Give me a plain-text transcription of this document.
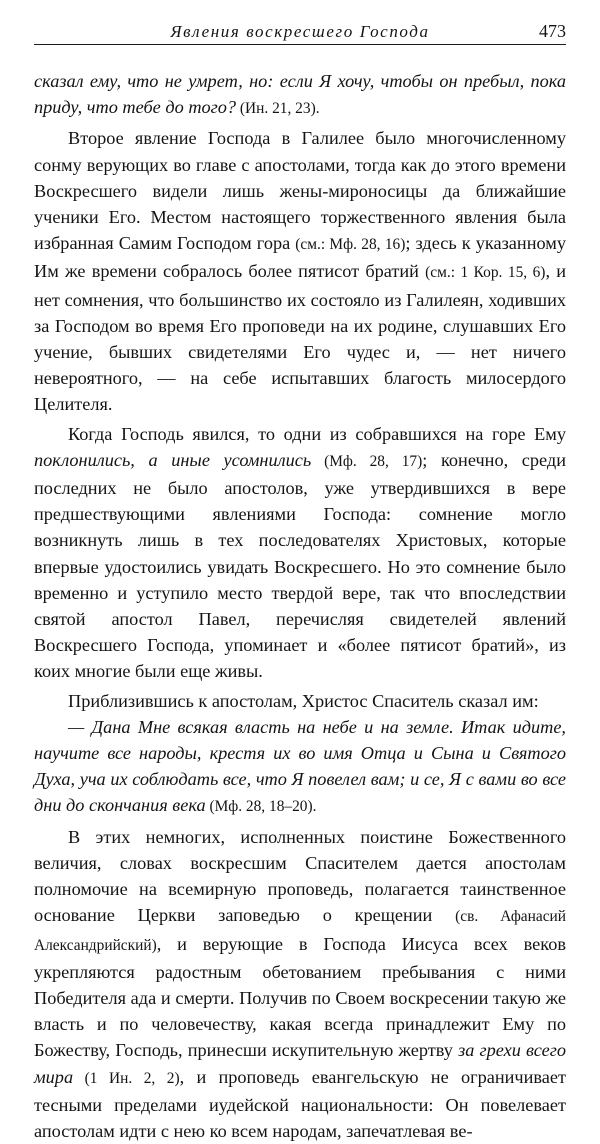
Явления воскресшего Господа	473

сказал ему, что не умрет, но: если Я хочу, чтобы он пребыл, пока приду, что тебе до того? (Ин. 21, 23).

Второе явление Господа в Галилее было многочисленному сонму верующих во главе с апостолами, тогда как до этого времени Воскресшего видели лишь жены-мироносицы да ближайшие ученики Его. Местом настоящего торжественного явления была избранная Самим Господом гора (см.: Мф. 28, 16); здесь к указанному Им же времени собралось более пятисот братий (см.: 1 Кор. 15, 6), и нет сомнения, что большинство их состояло из Галилеян, ходивших за Господом во время Его проповеди на их родине, слушавших Его учение, бывших свидетелями Его чудес и, — нет ничего невероятного, — на себе испытавших благость милосердого Целителя.

Когда Господь явился, то одни из собравшихся на горе Ему поклонились, а иные усомнились (Мф. 28, 17); конечно, среди последних не было апостолов, уже утвердившихся в вере предшествующими явлениями Господа: сомнение могло возникнуть лишь в тех последователях Христовых, которые впервые удостоились увидать Воскресшего. Но это сомнение было временно и уступило место твердой вере, так что впоследствии святой апостол Павел, перечисляя свидетелей явлений Воскресшего Господа, упоминает и «более пятисот братий», из коих многие были еще живы.

Приблизившись к апостолам, Христос Спаситель сказал им:

— Дана Мне всякая власть на небе и на земле. Итак идите, научите все народы, крестя их во имя Отца и Сына и Святого Духа, уча их соблюдать все, что Я повелел вам; и се, Я с вами во все дни до скончания века (Мф. 28, 18–20).

В этих немногих, исполненных поистине Божественного величия, словах воскресшим Спасителем дается апостолам полномочие на всемирную проповедь, полагается таинственное основание Церкви заповедью о крещении (св. Афанасий Александрийский), и верующие в Господа Иисуса всех веков укрепляются радостным обетованием пребывания с ними Победителя ада и смерти. Получив по Своем воскресении такую же власть и по человечеству, какая всегда принадлежит Ему по Божеству, Господь, принесши искупительную жертву за грехи всего мира (1 Ин. 2, 2), и проповедь евангельскую не ограничивает тесными пределами иудейской национальности: Он повелевает апостолам идти с нею ко всем народам, запечатлевая ве-
